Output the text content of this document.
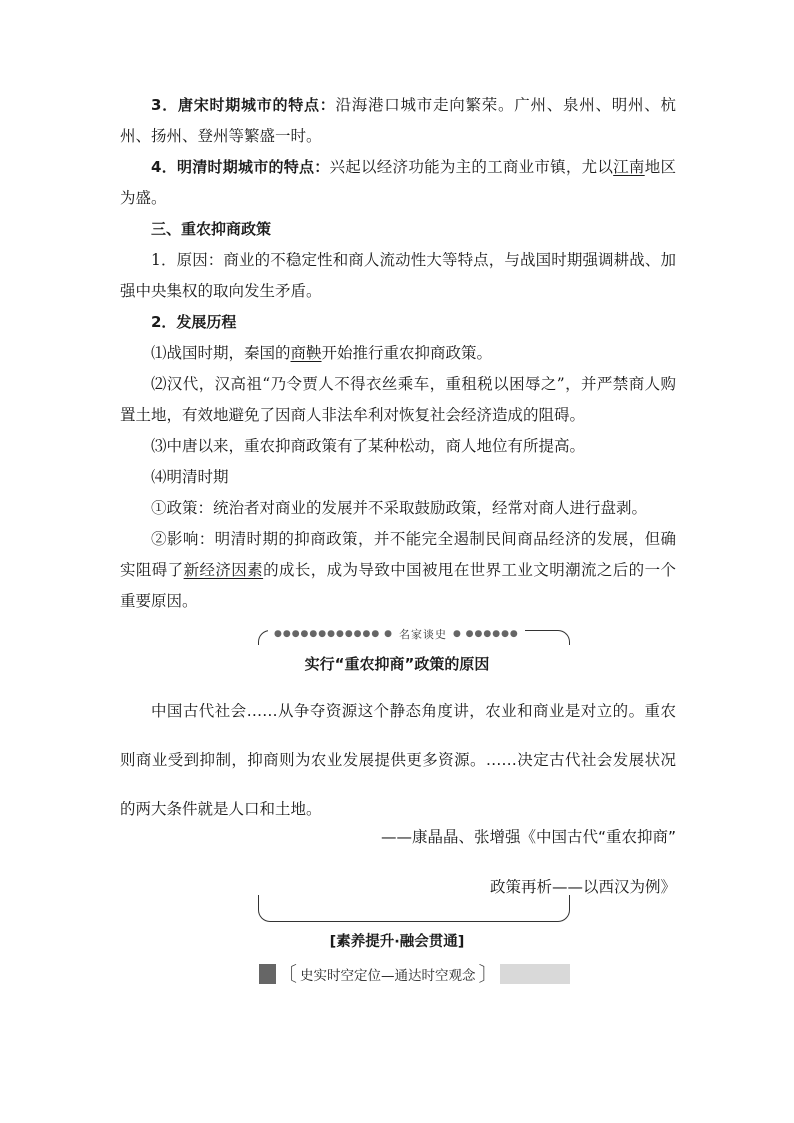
3．唐宋时期城市的特点：沿海港口城市走向繁荣。广州、泉州、明州、杭州、扬州、登州等繁盛一时。

4．明清时期城市的特点：兴起以经济功能为主的工商业市镇，尤以江南地区为盛。

三、重农抑商政策

1．原因：商业的不稳定性和商人流动性大等特点，与战国时期强调耕战、加强中央集权的取向发生矛盾。

2．发展历程

⑴战国时期，秦国的商鞅开始推行重农抑商政策。

⑵汉代，汉高祖“乃令贾人不得衣丝乘车，重租税以困辱之”，并严禁商人购置土地，有效地避免了因商人非法牟利对恢复社会经济造成的阻碍。

⑶中唐以来，重农抑商政策有了某种松动，商人地位有所提高。

⑷明清时期

①政策：统治者对商业的发展并不采取鼓励政策，经常对商人进行盘剥。

②影响：明清时期的抑商政策，并不能完全遏制民间商品经济的发展，但确实阻碍了新经济因素的成长，成为导致中国被甩在世界工业文明潮流之后的一个重要原因。

●●●●●●●●●●●● ● 名家谈史 ● ●●●●●●
实行“重农抑商”政策的原因

中国古代社会……从争夺资源这个静态角度讲，农业和商业是对立的。重农则商业受到抑制，抑商则为农业发展提供更多资源。……决定古代社会发展状况的两大条件就是人口和土地。

——康晶晶、张增强《中国古代“重农抑商”
政策再析——以西汉为例》
[素养提升·融会贯通]
〔 史实时空定位—通达时空观念 〕
